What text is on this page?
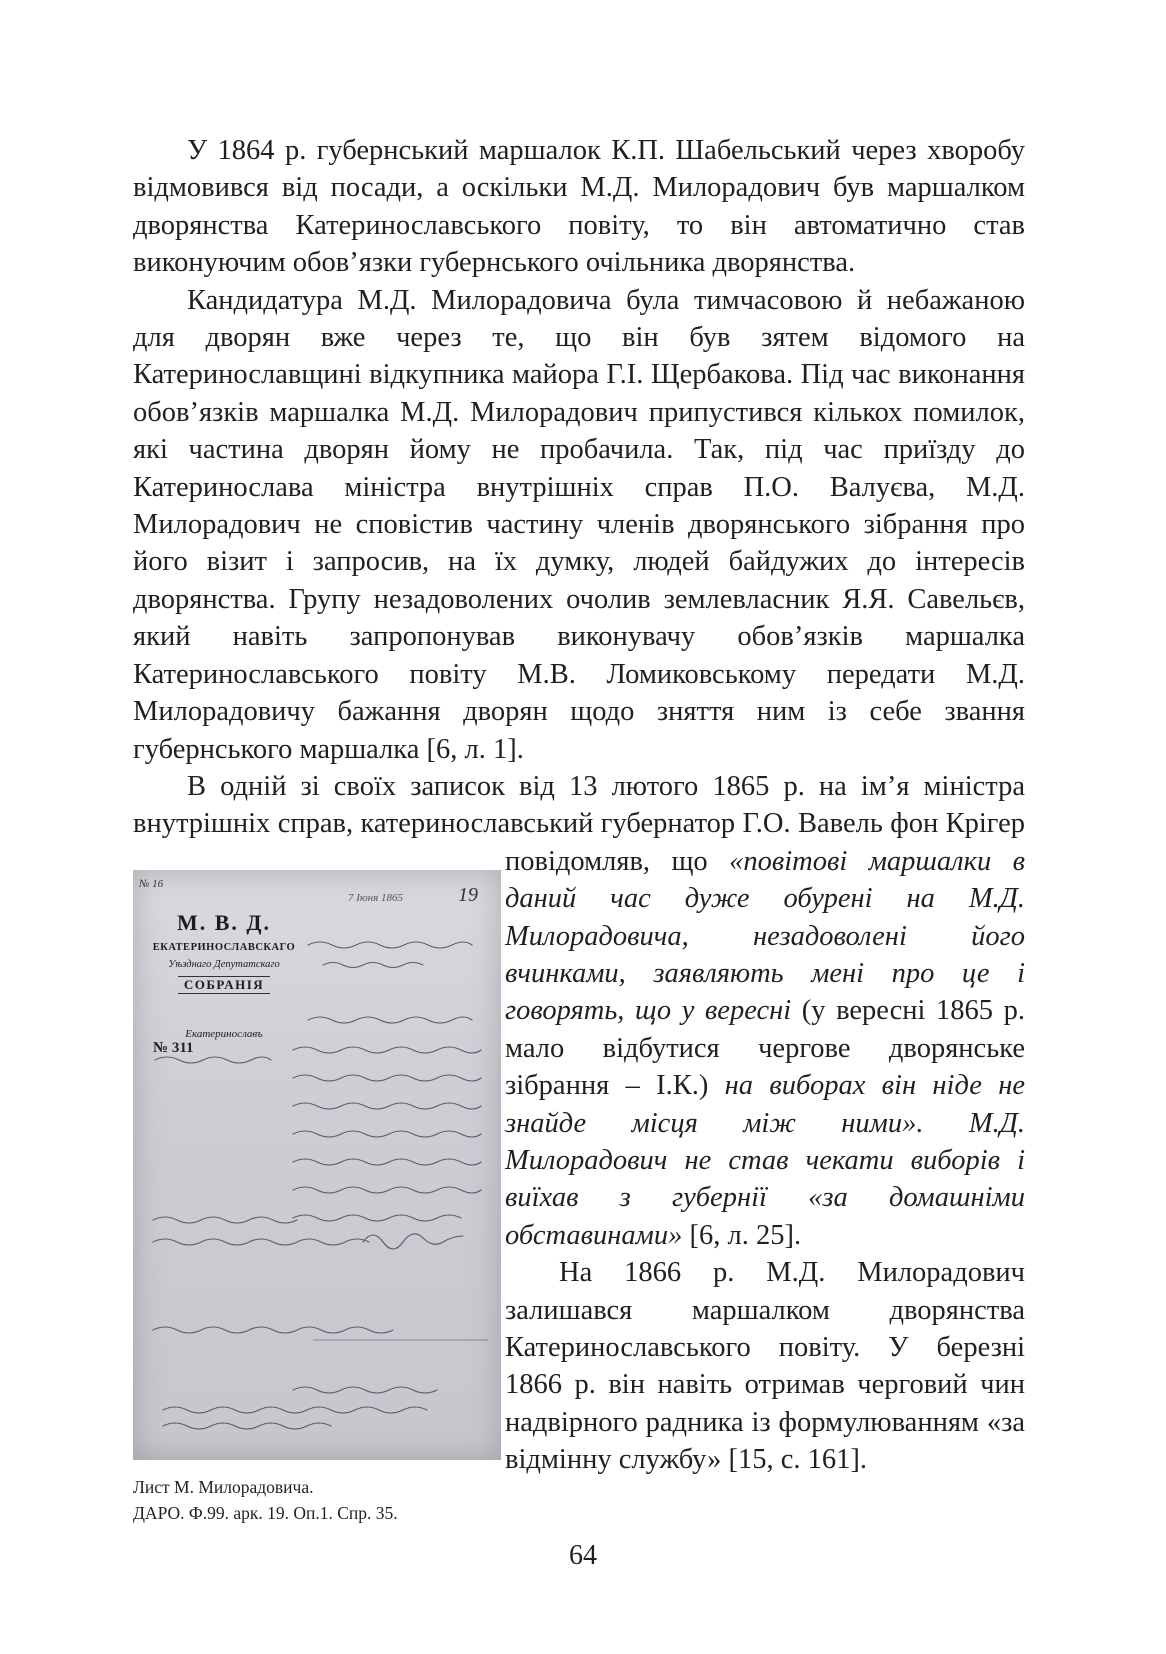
У 1864 р. губернський маршалок К.П. Шабельський через хворобу відмовився від посади, а оскільки М.Д. Милорадович був маршалком дворянства Катеринославського повіту, то він автоматично став виконуючим обов’язки губернського очільника дворянства.

Кандидатура М.Д. Милорадовича була тимчасовою й небажаною для дворян вже через те, що він був зятем відомого на Катеринославщині відкупника майора Г.І. Щербакова. Під час виконання обов’язків маршалка М.Д. Милорадович припустився кількох помилок, які частина дворян йому не пробачила. Так, під час приїзду до Катеринослава міністра внутрішніх справ П.О. Валуєва, М.Д. Милорадович не сповістив частину членів дворянського зібрання про його візит і запросив, на їх думку, людей байдужих до інтересів дворянства. Групу незадоволених очолив землевласник Я.Я. Савельєв, який навіть запропонував виконувачу обов’язків маршалка Катеринославського повіту М.В. Ломиковському передати М.Д. Милорадовичу бажання дворян щодо зняття ним із себе звання губернського маршалка [6, л. 1].

В одній зі своїх записок від 13 лютого 1865 р. на ім’я міністра внутрішніх справ, катеринославський губернатор Г.О. Вавель фон Крігер повідомляв, що «повітові маршалки в даний час дуже обурені на М.Д. Милорадовича, незадоволені його вчинками, заявляють мені про це і говорять, що у вересні (у вересні 1865 р. мало відбутися чергове дворянське зібрання – І.К.) на виборах він ніде не знайде місця між ними». М.Д. Милорадович не став чекати виборів і виїхав з губернії «за домашніми обставинами» [6, л. 25].

На 1866 р. М.Д. Милорадович залишався маршалком дворянства Катеринославського повіту. У березні 1866 р. він навіть отримав черговий чин надвірного радника із формулюванням «за відмінну службу» [15, с. 161].

№ 16
7 Іюня 1865	19
М. В. Д.
ЕКАТЕРИНОСЛАВСКАГО
Уѣзднаго Депутатскаго
СОБРАНІЯ
Екатеринославъ
№ 311
Лист М. Милорадовича.
ДАРО. Ф.99. арк. 19. Оп.1. Спр. 35.
64
